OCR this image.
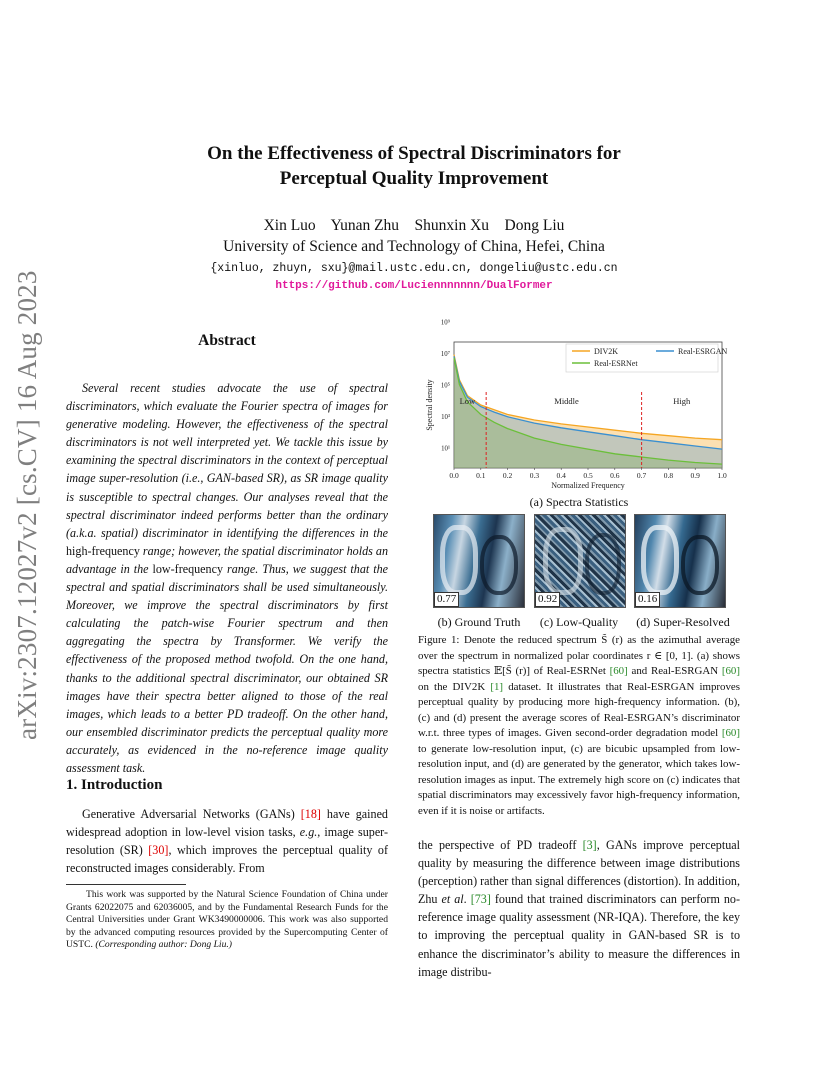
arXiv:2307.12027v2 [cs.CV] 16 Aug 2023
On the Effectiveness of Spectral Discriminators for
Perceptual Quality Improvement
Xin Luo    Yunan Zhu    Shunxin Xu    Dong Liu
University of Science and Technology of China, Hefei, China
{xinluo, zhuyn, sxu}@mail.ustc.edu.cn, dongeliu@ustc.edu.cn
https://github.com/Luciennnnnnn/DualFormer
Abstract
Several recent studies advocate the use of spectral discriminators, which evaluate the Fourier spectra of images for generative modeling. However, the effectiveness of the spectral discriminators is not well interpreted yet. We tackle this issue by examining the spectral discriminators in the context of perceptual image super-resolution (i.e., GAN-based SR), as SR image quality is susceptible to spectral changes. Our analyses reveal that the spectral discriminator indeed performs better than the ordinary (a.k.a. spatial) discriminator in identifying the differences in the high-frequency range; however, the spatial discriminator holds an advantage in the low-frequency range. Thus, we suggest that the spectral and spatial discriminators shall be used simultaneously. Moreover, we improve the spectral discriminators by first calculating the patch-wise Fourier spectrum and then aggregating the spectra by Transformer. We verify the effectiveness of the proposed method twofold. On the one hand, thanks to the additional spectral discriminator, our obtained SR images have their spectra better aligned to those of the real images, which leads to a better PD tradeoff. On the other hand, our ensembled discriminator predicts the perceptual quality more accurately, as evidenced in the no-reference image quality assessment task.
1. Introduction
Generative Adversarial Networks (GANs) [18] have gained widespread adoption in low-level vision tasks, e.g., image super-resolution (SR) [30], which improves the perceptual quality of reconstructed images considerably. From
This work was supported by the Natural Science Foundation of China under Grants 62022075 and 62036005, and by the Fundamental Research Funds for the Central Universities under Grant WK3490000006. This work was also supported by the advanced computing resources provided by the Supercomputing Center of USTC. (Corresponding author: Dong Liu.)
Low	Middle	High
0.0 0.1 0.2 0.3 0.4 0.5 0.6 0.7 0.8 0.9 1.0
10¹
10³
10⁵
10⁷
10⁹
Normalized Frequency
Spectral density
DIV2K	Real-ESRGAN
Real-ESRNet
(a) Spectra Statistics
0.77	0.92	0.16
(b) Ground Truth	(c) Low-Quality	(d) Super-Resolved
Figure 1: Denote the reduced spectrum S̃ (r) as the azimuthal average over the spectrum in normalized polar coordinates r ∈ [0, 1]. (a) shows spectra statistics 𝔼[S̃ (r)] of Real-ESRNet [60] and Real-ESRGAN [60] on the DIV2K [1] dataset. It illustrates that Real-ESRGAN improves perceptual quality by producing more high-frequency information. (b), (c) and (d) present the average scores of Real-ESRGAN’s discriminator w.r.t. three types of images. Given second-order degradation model [60] to generate low-resolution input, (c) are bicubic upsampled from low-resolution input, and (d) are generated by the generator, which takes low-resolution images as input. The extremely high score on (c) indicates that spatial discriminators may excessively favor high-frequency information, even if it is noise or artifacts.
the perspective of PD tradeoff [3], GANs improve perceptual quality by measuring the difference between image distributions (perception) rather than signal differences (distortion). In addition, Zhu et al. [73] found that trained discriminators can perform no-reference image quality assessment (NR-IQA). Therefore, the key to improving the perceptual quality in GAN-based SR is to enhance the discriminator’s ability to measure the differences in image distribu-
